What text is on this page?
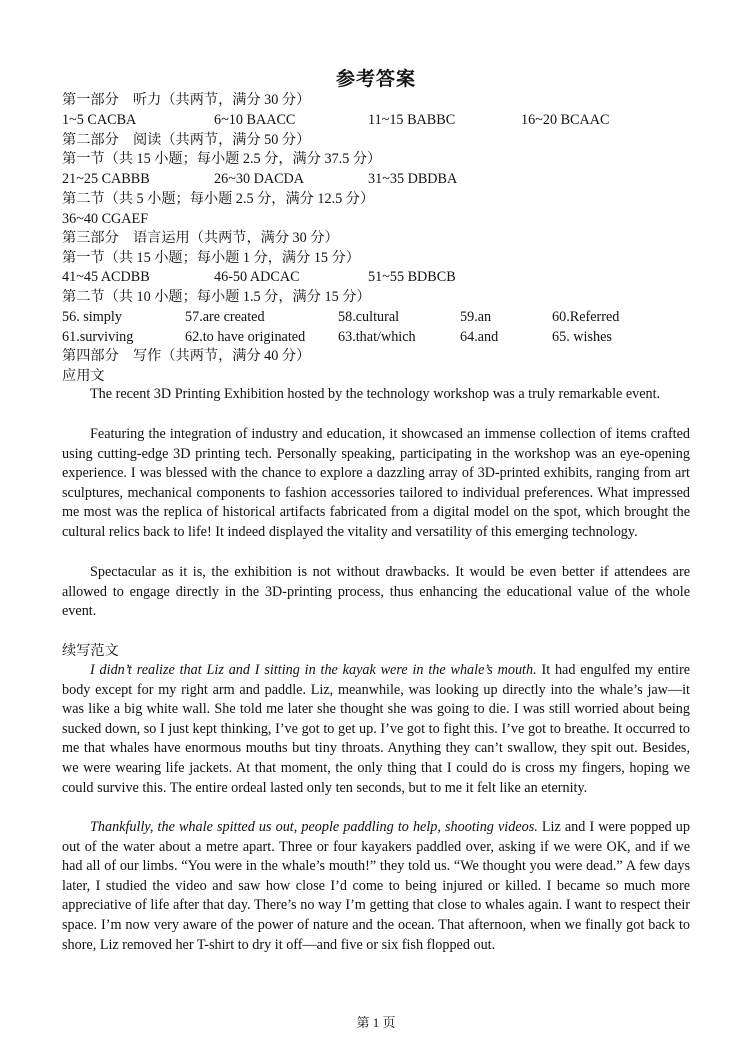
参考答案
第一部分　听力（共两节，满分 30 分）
1~5 CACBA	6~10 BAACC	11~15 BABBC	16~20 BCAAC
第二部分　阅读（共两节，满分 50 分）
第一节（共 15 小题；每小题 2.5 分，满分 37.5 分）
21~25 CABBB	26~30 DACDA	31~35 DBDBA
第二节（共 5 小题；每小题 2.5 分，满分 12.5 分）
36~40 CGAEF
第三部分　语言运用（共两节，满分 30 分）
第一节（共 15 小题；每小题 1 分，满分 15 分）
41~45 ACDBB	46-50 ADCAC	51~55 BDBCB
第二节（共 10 小题；每小题 1.5 分，满分 15 分）
56. simply	57.are created	58.cultural	59.an	60.Referred
61.surviving	62.to have originated 63.that/which	64.and	65. wishes
第四部分　写作（共两节，满分 40 分）
应用文

The recent 3D Printing Exhibition hosted by the technology workshop was a truly remarkable event.

Featuring the integration of industry and education, it showcased an immense collection of items crafted using cutting-edge 3D printing tech. Personally speaking, participating in the workshop was an eye-opening experience. I was blessed with the chance to explore a dazzling array of 3D-printed exhibits, ranging from art sculptures, mechanical components to fashion accessories tailored to individual preferences. What impressed me most was the replica of historical artifacts fabricated from a digital model on the spot, which brought the cultural relics back to life! It indeed displayed the vitality and versatility of this emerging technology.

Spectacular as it is, the exhibition is not without drawbacks. It would be even better if attendees are allowed to engage directly in the 3D-printing process, thus enhancing the educational value of the whole event.

续写范文

I didn’t realize that Liz and I sitting in the kayak were in the whale’s mouth. It had engulfed my entire body except for my right arm and paddle. Liz, meanwhile, was looking up directly into the whale’s jaw—it was like a big white wall. She told me later she thought she was going to die. I was still worried about being sucked down, so I just kept thinking, I’ve got to get up. I’ve got to fight this. I’ve got to breathe. It occurred to me that whales have enormous mouths but tiny throats. Anything they can’t swallow, they spit out. Besides, we were wearing life jackets. At that moment, the only thing that I could do is cross my fingers, hoping we could survive this. The entire ordeal lasted only ten seconds, but to me it felt like an eternity.

Thankfully, the whale spitted us out, people paddling to help, shooting videos. Liz and I were popped up out of the water about a metre apart. Three or four kayakers paddled over, asking if we were OK, and if we had all of our limbs. “You were in the whale’s mouth!” they told us. “We thought you were dead.” A few days later, I studied the video and saw how close I’d come to being injured or killed. I became so much more appreciative of life after that day. There’s no way I’m getting that close to whales again. I want to respect their space. I’m now very aware of the power of nature and the ocean. That afternoon, when we finally got back to shore, Liz removed her T-shirt to dry it off—and five or six fish flopped out.

第 1 页
